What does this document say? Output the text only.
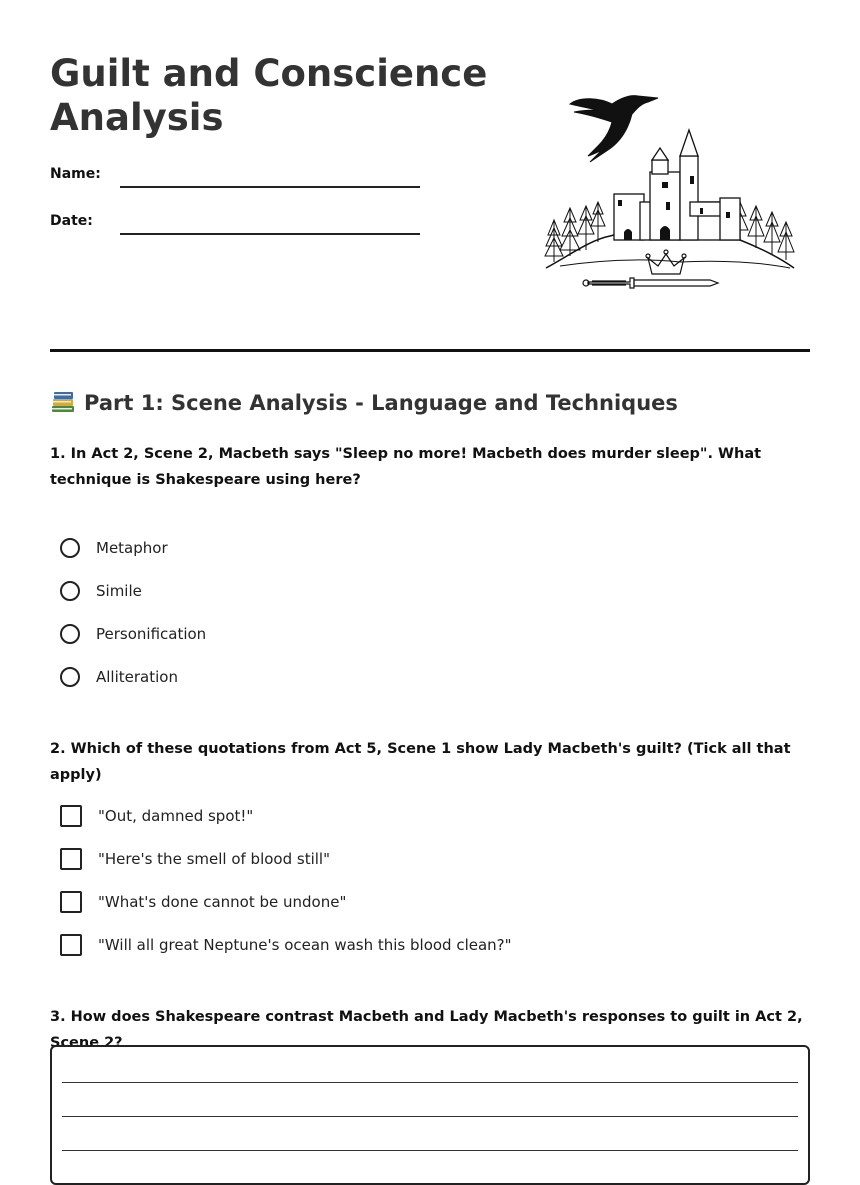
Guilt and Conscience Analysis
Name:
Date:
Part 1: Scene Analysis - Language and Techniques
1. In Act 2, Scene 2, Macbeth says "Sleep no more! Macbeth does murder sleep". What technique is Shakespeare using here?
Metaphor
Simile
Personification
Alliteration
2. Which of these quotations from Act 5, Scene 1 show Lady Macbeth's guilt? (Tick all that apply)
"Out, damned spot!"
"Here's the smell of blood still"
"What's done cannot be undone"
"Will all great Neptune's ocean wash this blood clean?"
3. How does Shakespeare contrast Macbeth and Lady Macbeth's responses to guilt in Act 2, Scene 2?
